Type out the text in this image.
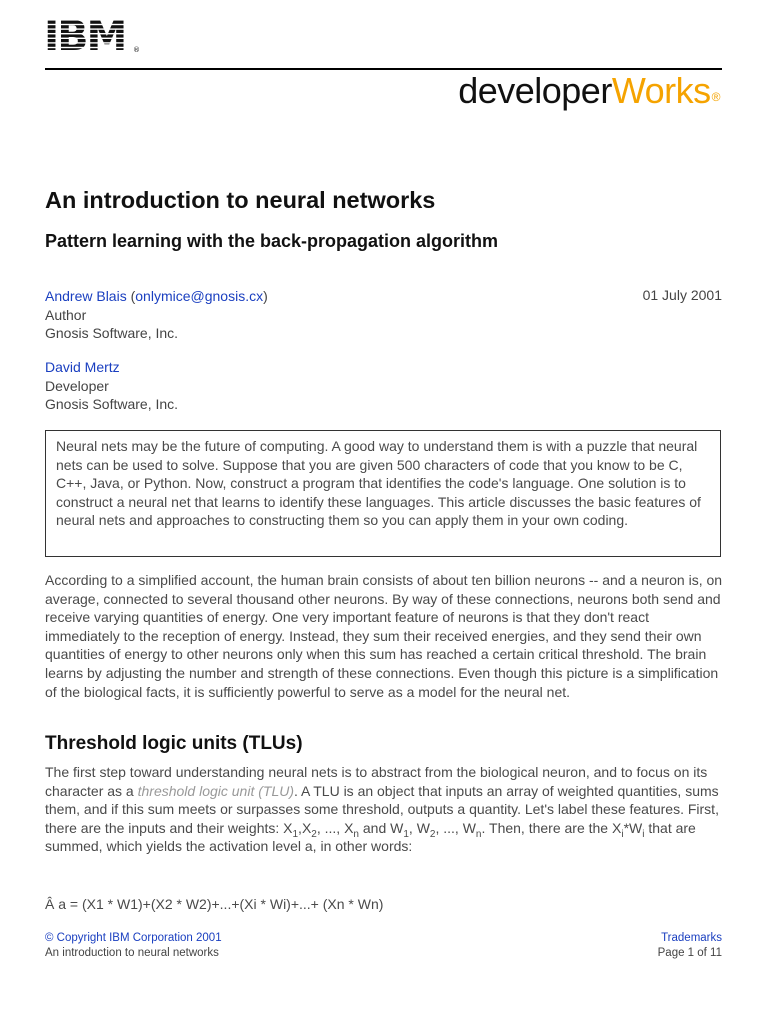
®
developerWorks®
An introduction to neural networks
Pattern learning with the back-propagation algorithm
Andrew Blais (onlymice@gnosis.cx)
Author
Gnosis Software, Inc.
01 July 2001
David Mertz
Developer
Gnosis Software, Inc.

Neural nets may be the future of computing. A good way to understand them is with a puzzle that neural nets can be used to solve. Suppose that you are given 500 characters of code that you know to be C, C++, Java, or Python. Now, construct a program that identifies the code's language. One solution is to construct a neural net that learns to identify these languages. This article discusses the basic features of neural nets and approaches to constructing them so you can apply them in your own coding.

According to a simplified account, the human brain consists of about ten billion neurons -- and a neuron is, on average, connected to several thousand other neurons. By way of these connections, neurons both send and receive varying quantities of energy. One very important feature of neurons is that they don't react immediately to the reception of energy. Instead, they sum their received energies, and they send their own quantities of energy to other neurons only when this sum has reached a certain critical threshold. The brain learns by adjusting the number and strength of these connections. Even though this picture is a simplification of the biological facts, it is sufficiently powerful to serve as a model for the neural net.

Threshold logic units (TLUs)

The first step toward understanding neural nets is to abstract from the biological neuron, and to focus on its character as a threshold logic unit (TLU). A TLU is an object that inputs an array of weighted quantities, sums them, and if this sum meets or surpasses some threshold, outputs a quantity. Let's label these features. First, there are the inputs and their weights: $X_1,X_2$, ..., $X_n$ and $W_1$, $W_2$, ..., $W_n$. Then, there are the $X_i*W_i$ that are summed, which yields the activation level a, in other words:

Â a = (X1 * W1)+(X2 * W2)+...+(Xi * Wi)+...+ (Xn * Wn)

© Copyright IBM Corporation 2001
An introduction to neural networks
Trademarks
Page 1 of 11
